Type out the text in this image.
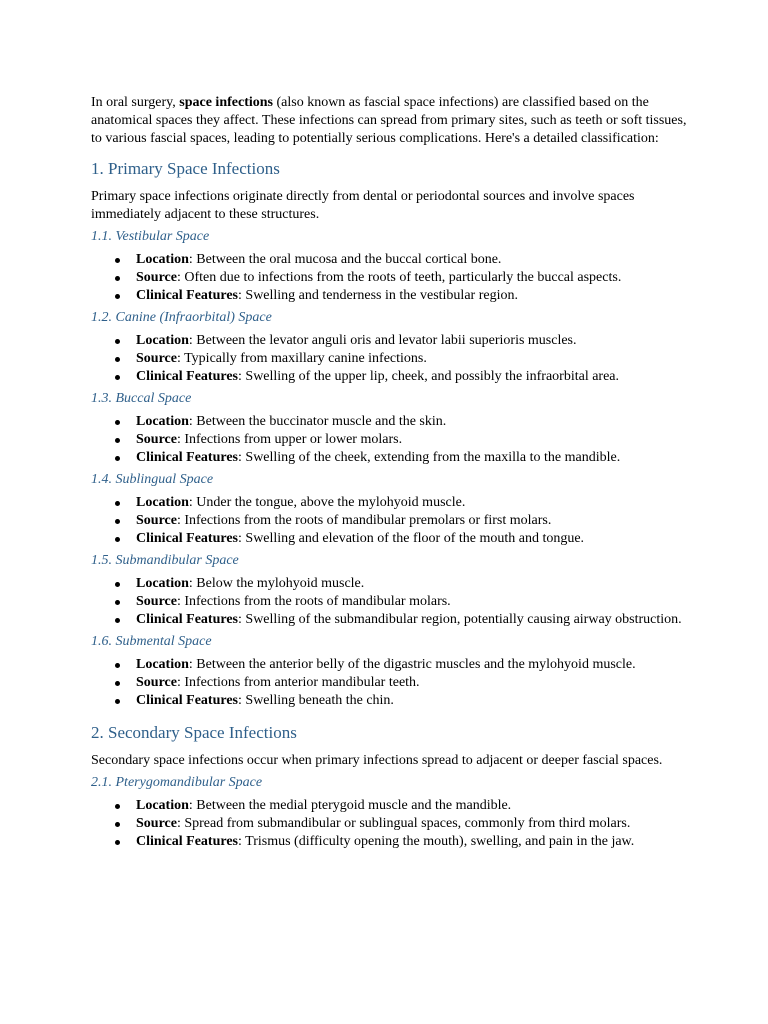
In oral surgery, space infections (also known as fascial space infections) are classified based on the anatomical spaces they affect. These infections can spread from primary sites, such as teeth or soft tissues, to various fascial spaces, leading to potentially serious complications. Here's a detailed classification:

1. Primary Space Infections

Primary space infections originate directly from dental or periodontal sources and involve spaces immediately adjacent to these structures.

1.1. Vestibular Space
Location: Between the oral mucosa and the buccal cortical bone.
Source: Often due to infections from the roots of teeth, particularly the buccal aspects.
Clinical Features: Swelling and tenderness in the vestibular region.
1.2. Canine (Infraorbital) Space
Location: Between the levator anguli oris and levator labii superioris muscles.
Source: Typically from maxillary canine infections.
Clinical Features: Swelling of the upper lip, cheek, and possibly the infraorbital area.
1.3. Buccal Space
Location: Between the buccinator muscle and the skin.
Source: Infections from upper or lower molars.
Clinical Features: Swelling of the cheek, extending from the maxilla to the mandible.
1.4. Sublingual Space
Location: Under the tongue, above the mylohyoid muscle.
Source: Infections from the roots of mandibular premolars or first molars.
Clinical Features: Swelling and elevation of the floor of the mouth and tongue.
1.5. Submandibular Space
Location: Below the mylohyoid muscle.
Source: Infections from the roots of mandibular molars.
Clinical Features: Swelling of the submandibular region, potentially causing airway obstruction.
1.6. Submental Space
Location: Between the anterior belly of the digastric muscles and the mylohyoid muscle.
Source: Infections from anterior mandibular teeth.
Clinical Features: Swelling beneath the chin.
2. Secondary Space Infections

Secondary space infections occur when primary infections spread to adjacent or deeper fascial spaces.

2.1. Pterygomandibular Space
Location: Between the medial pterygoid muscle and the mandible.
Source: Spread from submandibular or sublingual spaces, commonly from third molars.
Clinical Features: Trismus (difficulty opening the mouth), swelling, and pain in the jaw.
